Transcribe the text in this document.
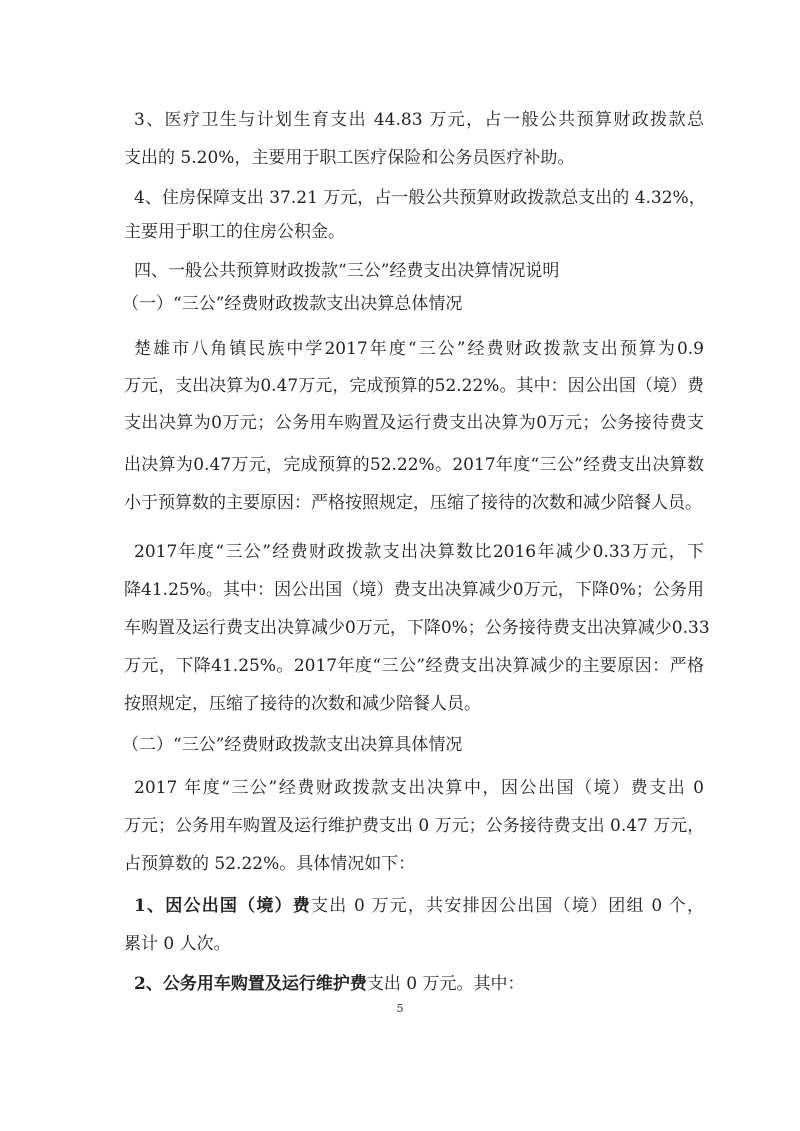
3、医疗卫生与计划生育支出 44.83 万元，占一般公共预算财政拨款总
支出的 5.20%，主要用于职工医疗保险和公务员医疗补助。
4、住房保障支出 37.21 万元，占一般公共预算财政拨款总支出的 4.32%，
主要用于职工的住房公积金。
四、一般公共预算财政拨款“三公”经费支出决算情况说明
（一）“三公”经费财政拨款支出决算总体情况
楚雄市八角镇民族中学2017年度“三公”经费财政拨款支出预算为0.9
万元，支出决算为0.47万元，完成预算的52.22%。其中：因公出国（境）费
支出决算为0万元；公务用车购置及运行费支出决算为0万元；公务接待费支
出决算为0.47万元，完成预算的52.22%。2017年度“三公”经费支出决算数
小于预算数的主要原因：严格按照规定，压缩了接待的次数和减少陪餐人员。
2017年度“三公”经费财政拨款支出决算数比2016年减少0.33万元，下
降41.25%。其中：因公出国（境）费支出决算减少0万元，下降0%；公务用
车购置及运行费支出决算减少0万元，下降0%；公务接待费支出决算减少0.33
万元，下降41.25%。2017年度“三公”经费支出决算减少的主要原因：严格
按照规定，压缩了接待的次数和减少陪餐人员。
（二）“三公”经费财政拨款支出决算具体情况
2017 年度“三公”经费财政拨款支出决算中，因公出国（境）费支出 0
万元；公务用车购置及运行维护费支出 0 万元；公务接待费支出 0.47 万元，
占预算数的 52.22%。具体情况如下：
1、因公出国（境）费支出 0 万元，共安排因公出国（境）团组 0 个，
累计 0 人次。
2、公务用车购置及运行维护费支出 0 万元。其中：
5
